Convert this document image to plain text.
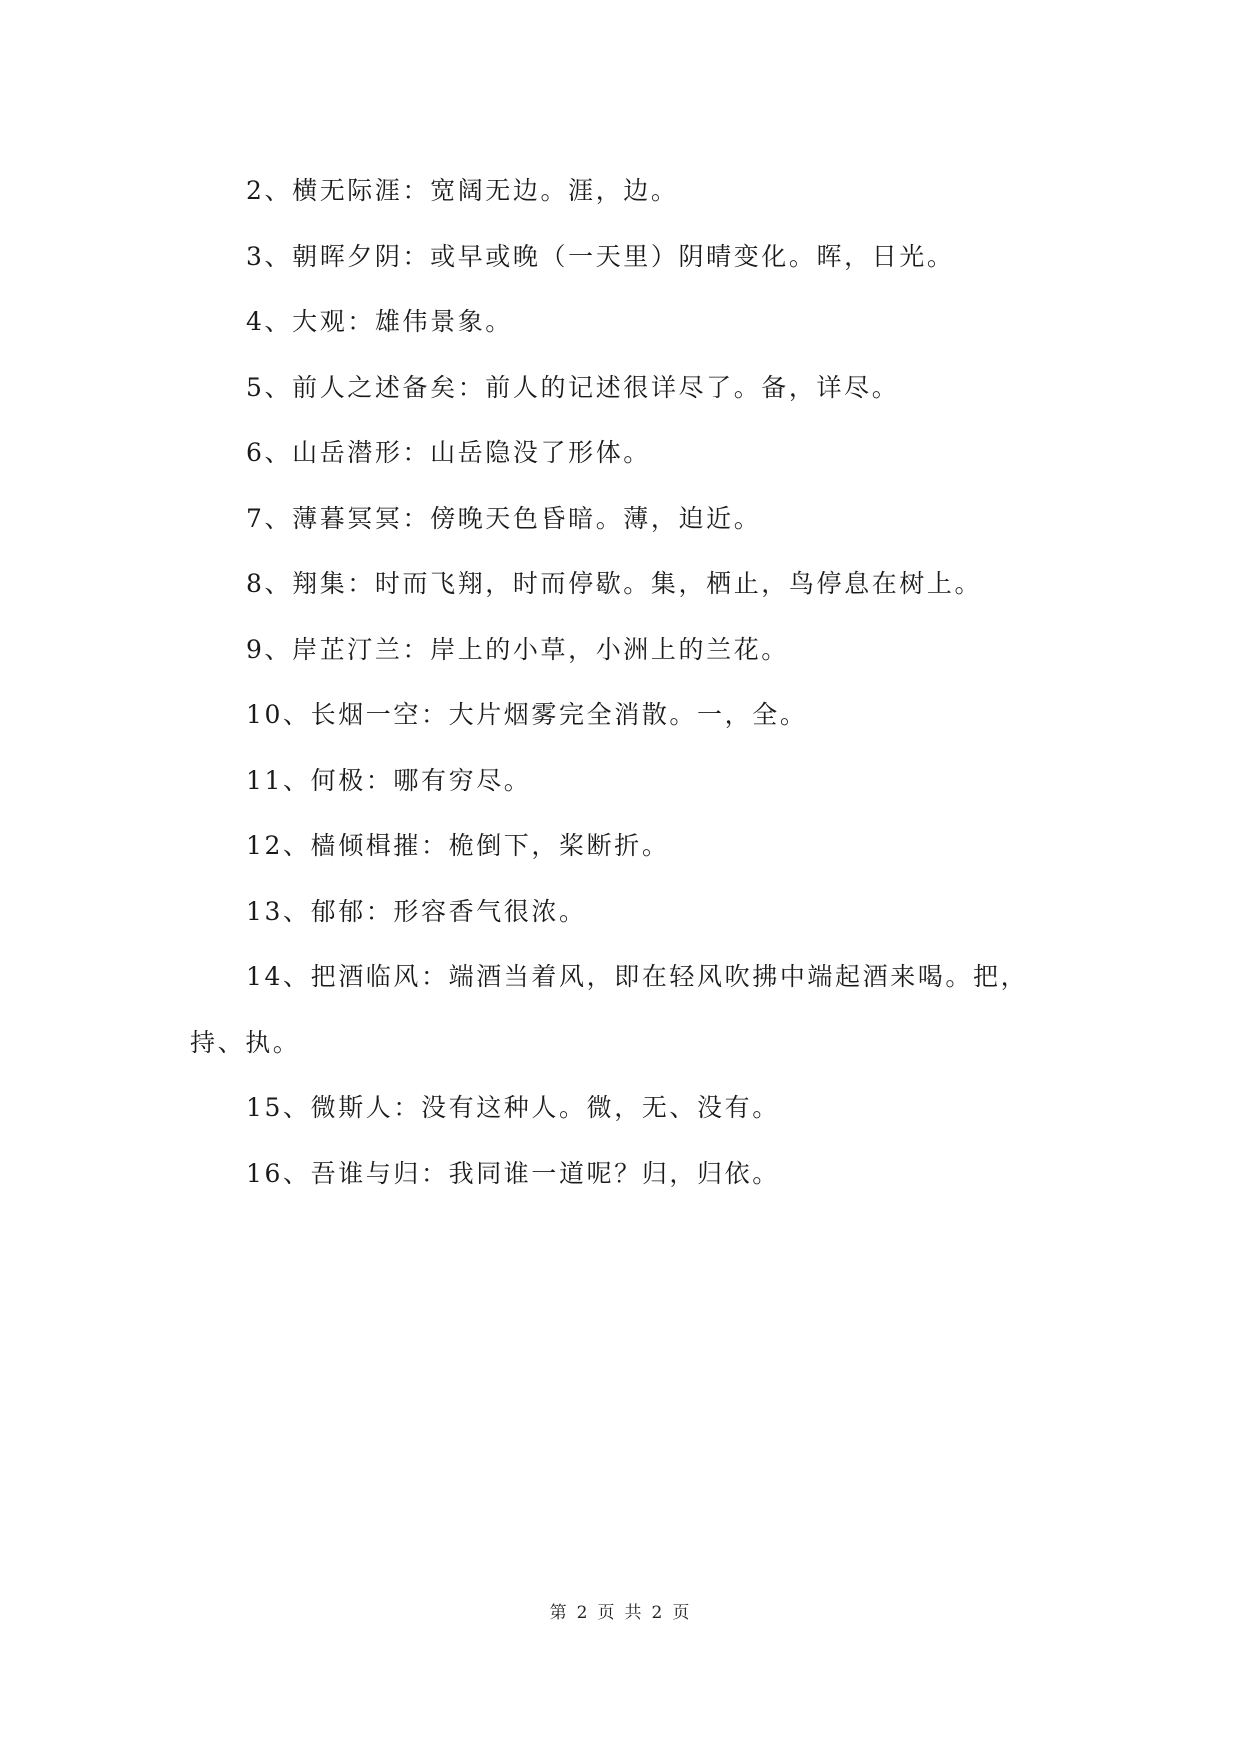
2、横无际涯：宽阔无边。涯，边。
3、朝晖夕阴：或早或晚（一天里）阴晴变化。晖，日光。
4、大观：雄伟景象。
5、前人之述备矣：前人的记述很详尽了。备，详尽。
6、山岳潜形：山岳隐没了形体。
7、薄暮冥冥：傍晚天色昏暗。薄，迫近。
8、翔集：时而飞翔，时而停歇。集，栖止，鸟停息在树上。
9、岸芷汀兰：岸上的小草，小洲上的兰花。
10、长烟一空：大片烟雾完全消散。一，全。
11、何极：哪有穷尽。
12、樯倾楫摧：桅倒下，桨断折。
13、郁郁：形容香气很浓。
14、把酒临风：端酒当着风，即在轻风吹拂中端起酒来喝。把，持、执。
15、微斯人：没有这种人。微，无、没有。
16、吾谁与归：我同谁一道呢？归，归依。
第 2 页 共 2 页
